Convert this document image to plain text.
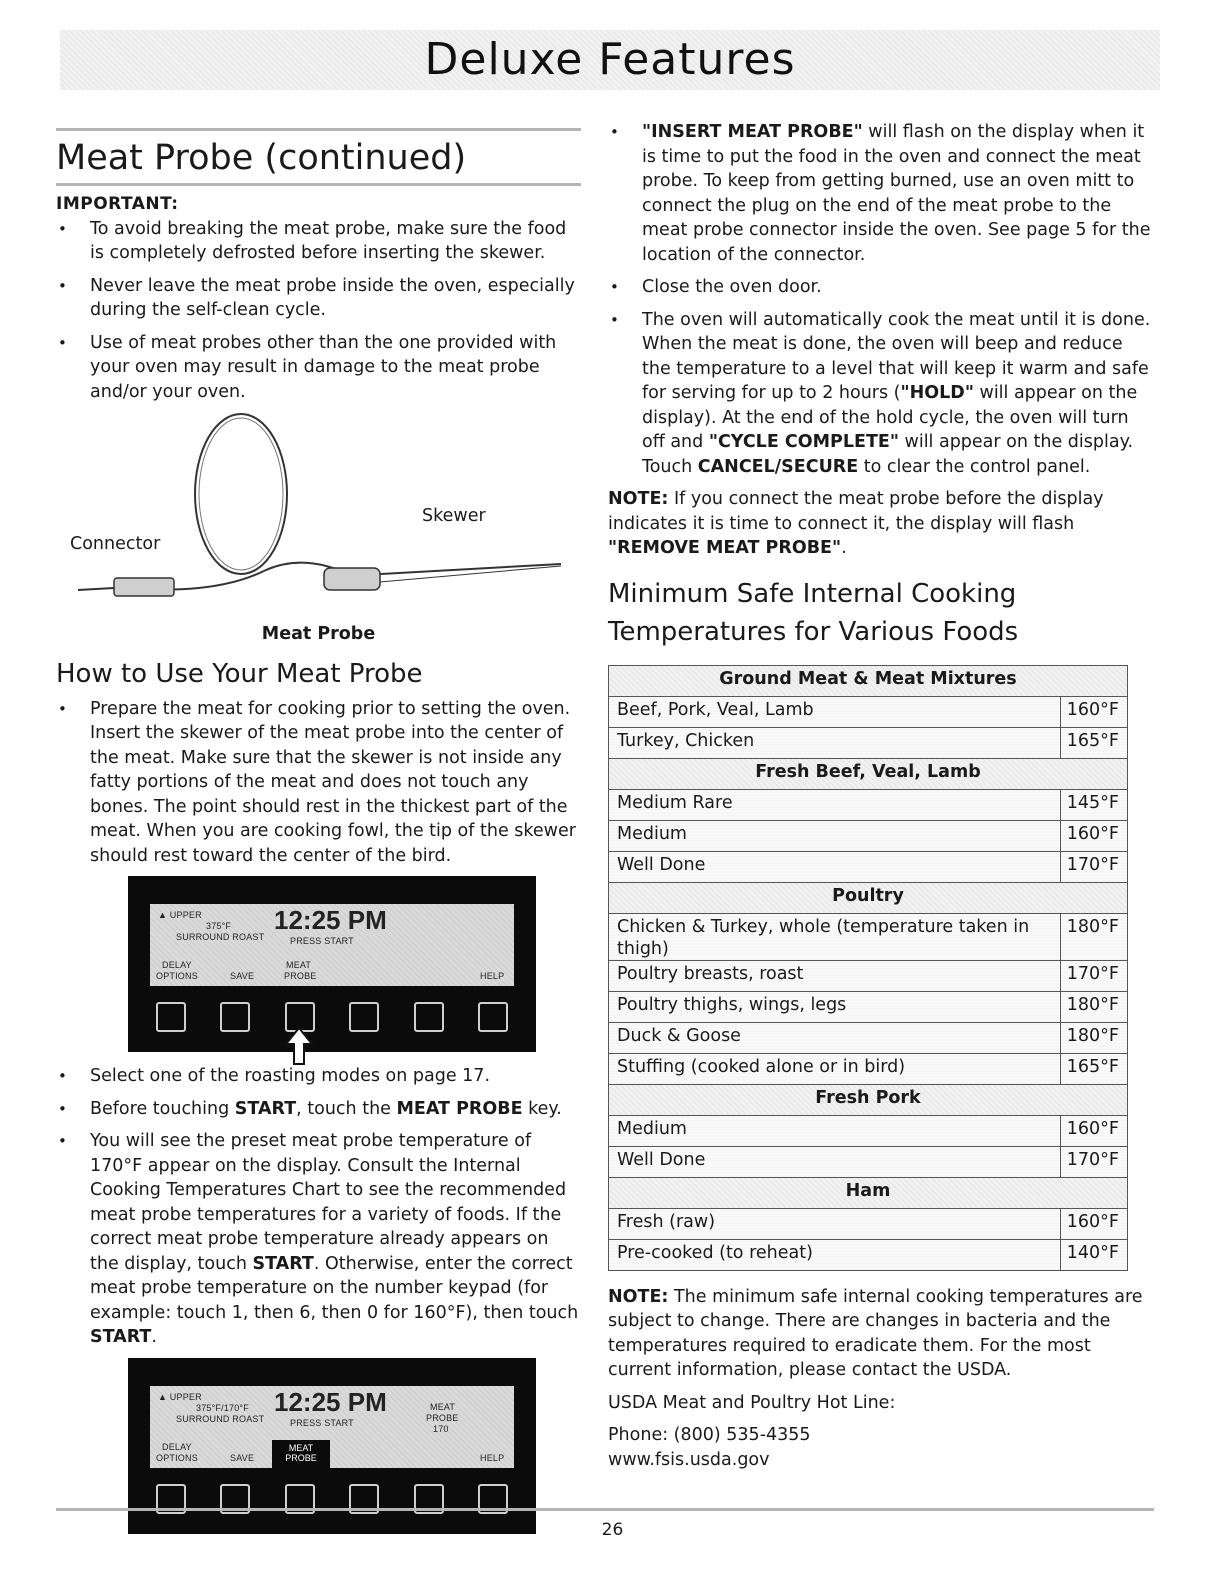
Deluxe Features
Meat Probe (continued)
IMPORTANT:
• To avoid breaking the meat probe, make sure the food is completely defrosted before inserting the skewer.
• Never leave the meat probe inside the oven, especially during the self-clean cycle.
• Use of meat probes other than the one provided with your oven may result in damage to the meat probe and/or your oven.
Connector
Skewer
Meat Probe
How to Use Your Meat Probe
• Prepare the meat for cooking prior to setting the oven. Insert the skewer of the meat probe into the center of the meat. Make sure that the skewer is not inside any fatty portions of the meat and does not touch any bones. The point should rest in the thickest part of the meat. When you are cooking fowl, the tip of the skewer should rest toward the center of the bird.
▲ UPPER
375°F
SURROUND ROAST
12:25 PM
PRESS START
DELAY
OPTIONS	SAVE
MEAT
PROBE	HELP
• Select one of the roasting modes on page 17.
• Before touching START, touch the MEAT PROBE key.
• You will see the preset meat probe temperature of 170°F appear on the display. Consult the Internal Cooking Temperatures Chart to see the recommended meat probe temperatures for a variety of foods. If the correct meat probe temperature already appears on the display, touch START. Otherwise, enter the correct meat probe temperature on the number keypad (for example: touch 1, then 6, then 0 for 160°F), then touch START.
▲ UPPER
375°F/170°F
SURROUND ROAST
12:25 PM
PRESS START
MEAT
PROBE
170
DELAY
OPTIONS	SAVE
MEAT
PROBE	HELP
• "INSERT MEAT PROBE" will flash on the display when it is time to put the food in the oven and connect the meat probe. To keep from getting burned, use an oven mitt to connect the plug on the end of the meat probe to the meat probe connector inside the oven. See page 5 for the location of the connector.
• Close the oven door.
• The oven will automatically cook the meat until it is done. When the meat is done, the oven will beep and reduce the temperature to a level that will keep it warm and safe for serving for up to 2 hours ("HOLD" will appear on the display). At the end of the hold cycle, the oven will turn off and "CYCLE COMPLETE" will appear on the display. Touch CANCEL/SECURE to clear the control panel.

NOTE: If you connect the meat probe before the display indicates it is time to connect it, the display will flash "REMOVE MEAT PROBE".

Minimum Safe Internal Cooking Temperatures for Various Foods
Ground Meat & Meat Mixtures	
Beef, Pork, Veal, Lamb	160°F
Turkey, Chicken	165°F
Fresh Beef, Veal, Lamb	
Medium Rare	145°F
Medium	160°F
Well Done	170°F
Poultry	
Chicken & Turkey, whole (temperature taken in thigh)	180°F
Poultry breasts, roast	170°F
Poultry thighs, wings, legs	180°F
Duck & Goose	180°F
Stuffing (cooked alone or in bird)	165°F
Fresh Pork	
Medium	160°F
Well Done	170°F
Ham	
Fresh (raw)	160°F
Pre-cooked (to reheat)	140°F

NOTE: The minimum safe internal cooking temperatures are subject to change. There are changes in bacteria and the temperatures required to eradicate them. For the most current information, please contact the USDA.

USDA Meat and Poultry Hot Line:

Phone: (800) 535-4355

www.fsis.usda.gov

26
